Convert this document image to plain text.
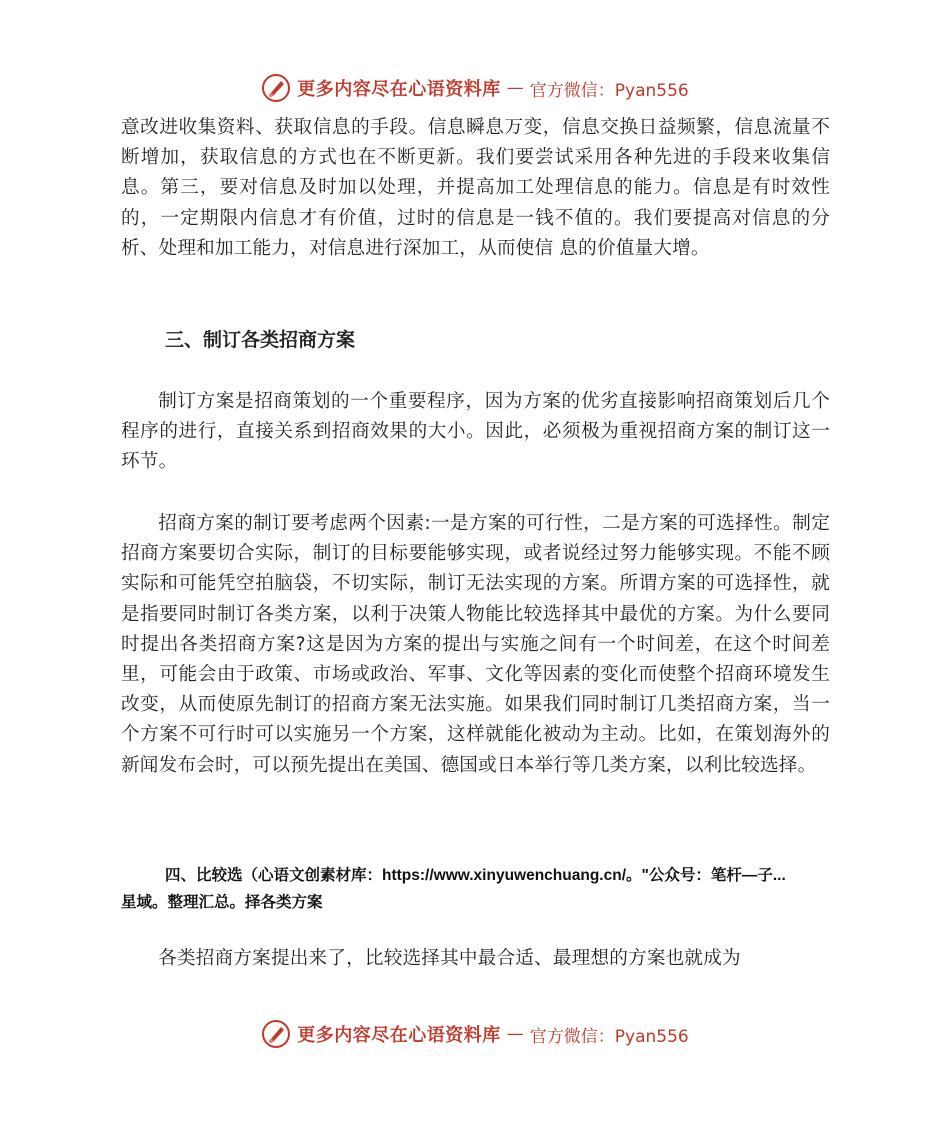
更多内容尽在心语资料库 — 官方微信：Pyan556

意改进收集资料、获取信息的手段。信息瞬息万变，信息交换日益频繁，信息流量不断增加，获取信息的方式也在不断更新。我们要尝试采用各种先进的手段来收集信息。第三，要对信息及时加以处理，并提高加工处理信息的能力。信息是有时效性的，一定期限内信息才有价值，过时的信息是一钱不值的。我们要提高对信息的分析、处理和加工能力，对信息进行深加工，从而使信 息的价值量大增。

三、制订各类招商方案

制订方案是招商策划的一个重要程序，因为方案的优劣直接影响招商策划后几个程序的进行，直接关系到招商效果的大小。因此，必须极为重视招商方案的制订这一环节。

招商方案的制订要考虑两个因素:一是方案的可行性，二是方案的可选择性。制定招商方案要切合实际，制订的目标要能够实现，或者说经过努力能够实现。不能不顾实际和可能凭空拍脑袋，不切实际，制订无法实现的方案。所谓方案的可选择性，就是指要同时制订各类方案，以利于决策人物能比较选择其中最优的方案。为什么要同时提出各类招商方案?这是因为方案的提出与实施之间有一个时间差，在这个时间差里，可能会由于政策、市场或政治、军事、文化等因素的变化而使整个招商环境发生改变，从而使原先制订的招商方案无法实施。如果我们同时制订几类招商方案，当一个方案不可行时可以实施另一个方案，这样就能化被动为主动。比如，在策划海外的新闻发布会时，可以预先提出在美国、德国或日本举行等几类方案，以利比较选择。

四、比较选（心语文创素材库：https://www.xinyuwenchuang.cn/。"公众号：笔杆—子...
星域。整理汇总。择各类方案

各类招商方案提出来了，比较选择其中最合适、最理想的方案也就成为

更多内容尽在心语资料库 — 官方微信：Pyan556
